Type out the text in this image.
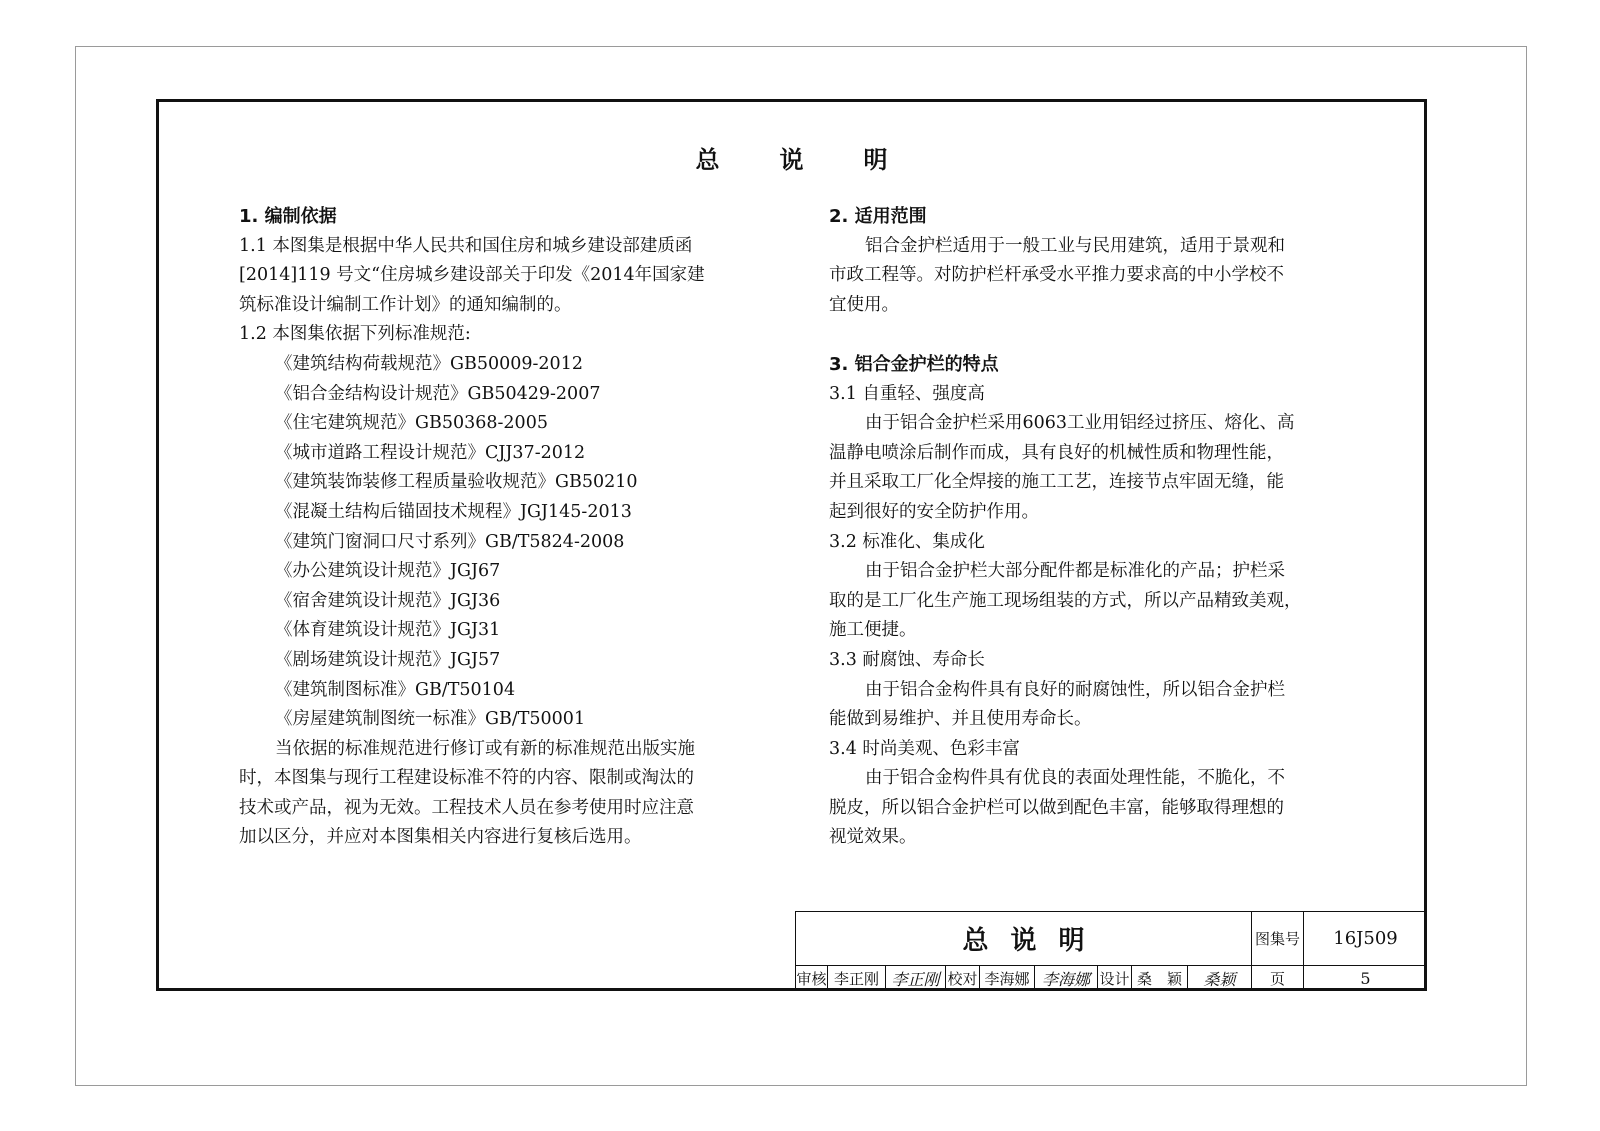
总　说　明
1. 编制依据
1.1 本图集是根据中华人民共和国住房和城乡建设部建质函
[2014]119 号文“住房城乡建设部关于印发《2014年国家建
筑标准设计编制工作计划》的通知编制的。
1.2 本图集依据下列标准规范:
《建筑结构荷载规范》GB50009-2012
《铝合金结构设计规范》GB50429-2007
《住宅建筑规范》GB50368-2005
《城市道路工程设计规范》CJJ37-2012
《建筑装饰装修工程质量验收规范》GB50210
《混凝土结构后锚固技术规程》JGJ145-2013
《建筑门窗洞口尺寸系列》GB/T5824-2008
《办公建筑设计规范》JGJ67
《宿舍建筑设计规范》JGJ36
《体育建筑设计规范》JGJ31
《剧场建筑设计规范》JGJ57
《建筑制图标准》GB/T50104
《房屋建筑制图统一标准》GB/T50001
当依据的标准规范进行修订或有新的标准规范出版实施
时，本图集与现行工程建设标准不符的内容、限制或淘汰的
技术或产品，视为无效。工程技术人员在参考使用时应注意
加以区分，并应对本图集相关内容进行复核后选用。
2. 适用范围
铝合金护栏适用于一般工业与民用建筑，适用于景观和
市政工程等。对防护栏杆承受水平推力要求高的中小学校不
宜使用。
3. 铝合金护栏的特点
3.1 自重轻、强度高
由于铝合金护栏采用6063工业用铝经过挤压、熔化、高
温静电喷涂后制作而成，具有良好的机械性质和物理性能，
并且采取工厂化全焊接的施工工艺，连接节点牢固无缝，能
起到很好的安全防护作用。
3.2 标准化、集成化
由于铝合金护栏大部分配件都是标准化的产品；护栏采
取的是工厂化生产施工现场组装的方式，所以产品精致美观，
施工便捷。
3.3 耐腐蚀、寿命长
由于铝合金构件具有良好的耐腐蚀性，所以铝合金护栏
能做到易维护、并且使用寿命长。
3.4 时尚美观、色彩丰富
由于铝合金构件具有优良的表面处理性能，不脆化，不
脱皮，所以铝合金护栏可以做到配色丰富，能够取得理想的
视觉效果。
总说明	图集号	16J509
审核 李正刚 李正刚 校对 李海娜 李海娜 设计 桑　颖	桑颖	页	5
